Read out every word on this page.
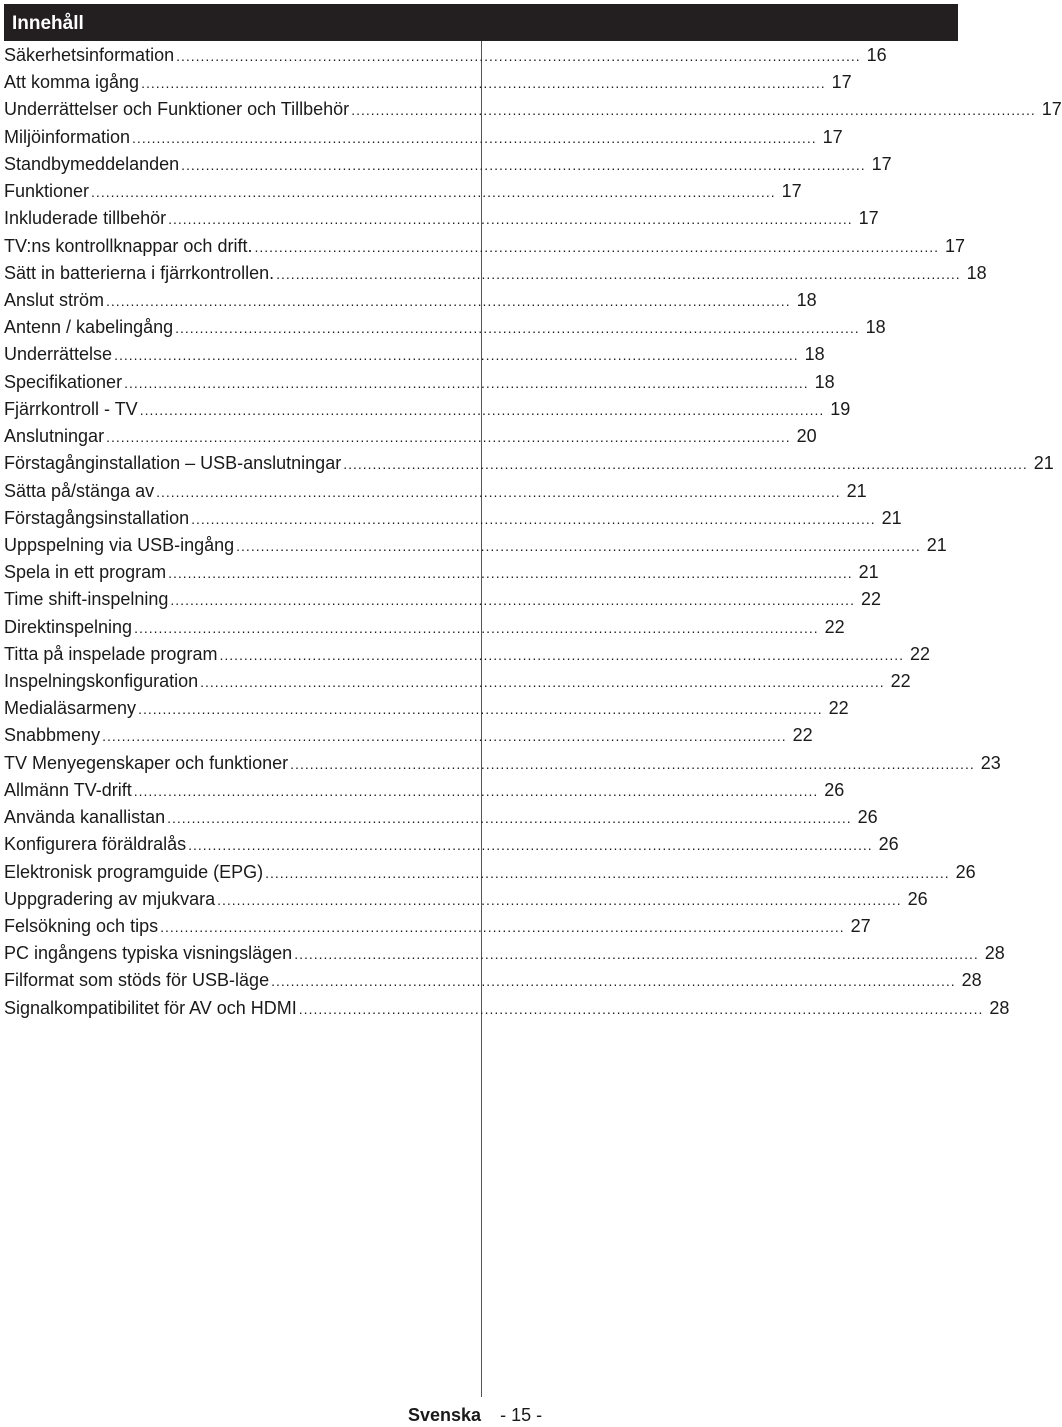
Innehåll
Säkerhetsinformation ............................................................................................................................................ 16
Att komma igång ............................................................................................................................................ 17
Underrättelser och Funktioner och Tillbehör ............................................................................................................................................ 17
Miljöinformation ............................................................................................................................................ 17
Standbymeddelanden ............................................................................................................................................ 17
Funktioner ............................................................................................................................................ 17
Inkluderade tillbehör ............................................................................................................................................ 17
TV:ns kontrollknappar och drift. ............................................................................................................................................ 17
Sätt in batterierna i fjärrkontrollen. ............................................................................................................................................ 18
Anslut ström ............................................................................................................................................ 18
Antenn / kabelingång ............................................................................................................................................ 18
Underrättelse ............................................................................................................................................ 18
Specifikationer ............................................................................................................................................ 18
Fjärrkontroll - TV ............................................................................................................................................ 19
Anslutningar ............................................................................................................................................ 20
Förstagånginstallation – USB-anslutningar ............................................................................................................................................ 21
Sätta på/stänga av ............................................................................................................................................ 21
Förstagångsinstallation ............................................................................................................................................ 21
Uppspelning via USB-ingång ............................................................................................................................................ 21
Spela in ett program ............................................................................................................................................ 21
Time shift-inspelning ............................................................................................................................................ 22
Direktinspelning ............................................................................................................................................ 22
Titta på inspelade program ............................................................................................................................................ 22
Inspelningskonfiguration ............................................................................................................................................ 22
Medialäsarmeny ............................................................................................................................................ 22
Snabbmeny ............................................................................................................................................ 22
TV Menyegenskaper och funktioner ............................................................................................................................................ 23
Allmänn TV-drift ............................................................................................................................................ 26
Använda kanallistan ............................................................................................................................................ 26
Konfigurera föräldralås ............................................................................................................................................ 26
Elektronisk programguide (EPG) ............................................................................................................................................ 26
Uppgradering av mjukvara ............................................................................................................................................ 26
Felsökning och tips ............................................................................................................................................ 27
PC ingångens typiska visningslägen ............................................................................................................................................ 28
Filformat som stöds för USB-läge ............................................................................................................................................ 28
Signalkompatibilitet för AV och HDMI ............................................................................................................................................ 28
Svenska - 15 -
